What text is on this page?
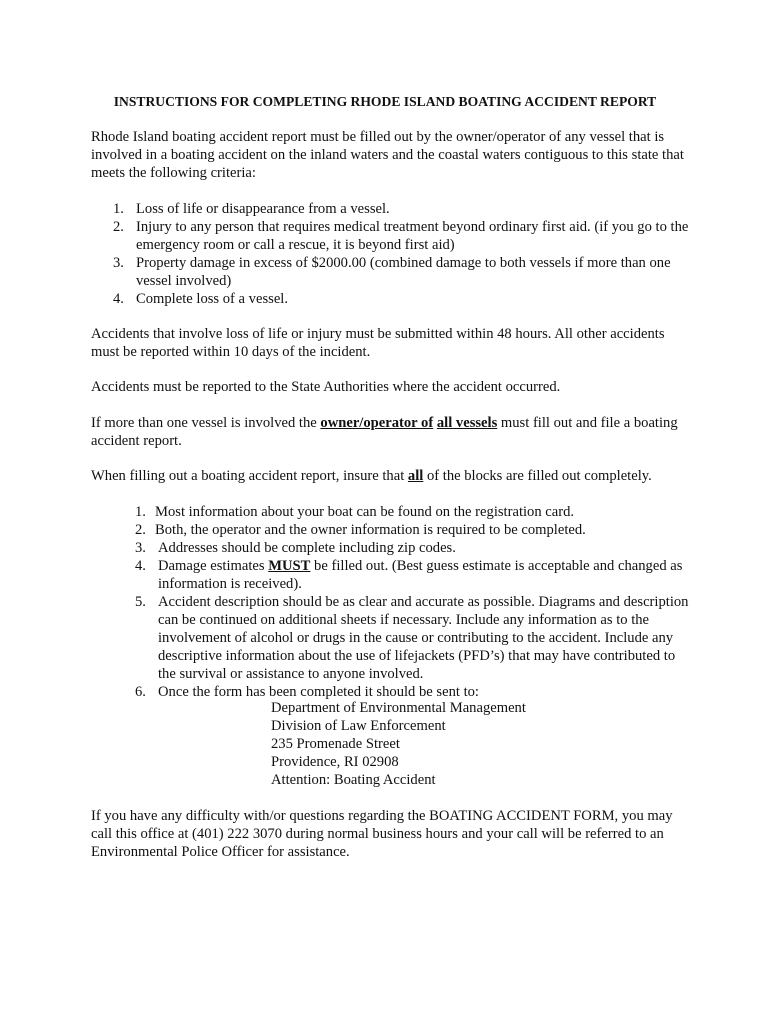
INSTRUCTIONS FOR COMPLETING RHODE ISLAND BOATING ACCIDENT REPORT
Rhode Island boating accident report must be filled out by the owner/operator of any vessel that is involved in a boating accident on the inland waters and the coastal waters contiguous to this state that meets the following criteria:
1. Loss of life or disappearance from a vessel.
2. Injury to any person that requires medical treatment beyond ordinary first aid. (if you go to the emergency room or call a rescue, it is beyond first aid)
3. Property damage in excess of $2000.00 (combined damage to both vessels if more than one vessel involved)
4. Complete loss of a vessel.
Accidents that involve loss of life or injury must be submitted within 48 hours. All other accidents must be reported within 10 days of the incident.
Accidents must be reported to the State Authorities where the accident occurred.
If more than one vessel is involved the owner/operator of all vessels must fill out and file a boating accident report.
When filling out a boating accident report, insure that all of the blocks are filled out completely.
1. Most information about your boat can be found on the registration card.
2. Both, the operator and the owner information is required to be completed.
3. Addresses should be complete including zip codes.
4. Damage estimates MUST be filled out. (Best guess estimate is acceptable and changed as information is received).
5. Accident description should be as clear and accurate as possible. Diagrams and description can be continued on additional sheets if necessary. Include any information as to the involvement of alcohol or drugs in the cause or contributing to the accident. Include any descriptive information about the use of lifejackets (PFD’s) that may have contributed to the survival or assistance to anyone involved.
6. Once the form has been completed it should be sent to:
Department of Environmental Management
Division of Law Enforcement
235 Promenade Street
Providence, RI 02908
Attention: Boating Accident
If you have any difficulty with/or questions regarding the BOATING ACCIDENT FORM, you may call this office at (401) 222 3070 during normal business hours and your call will be referred to an Environmental Police Officer for assistance.
